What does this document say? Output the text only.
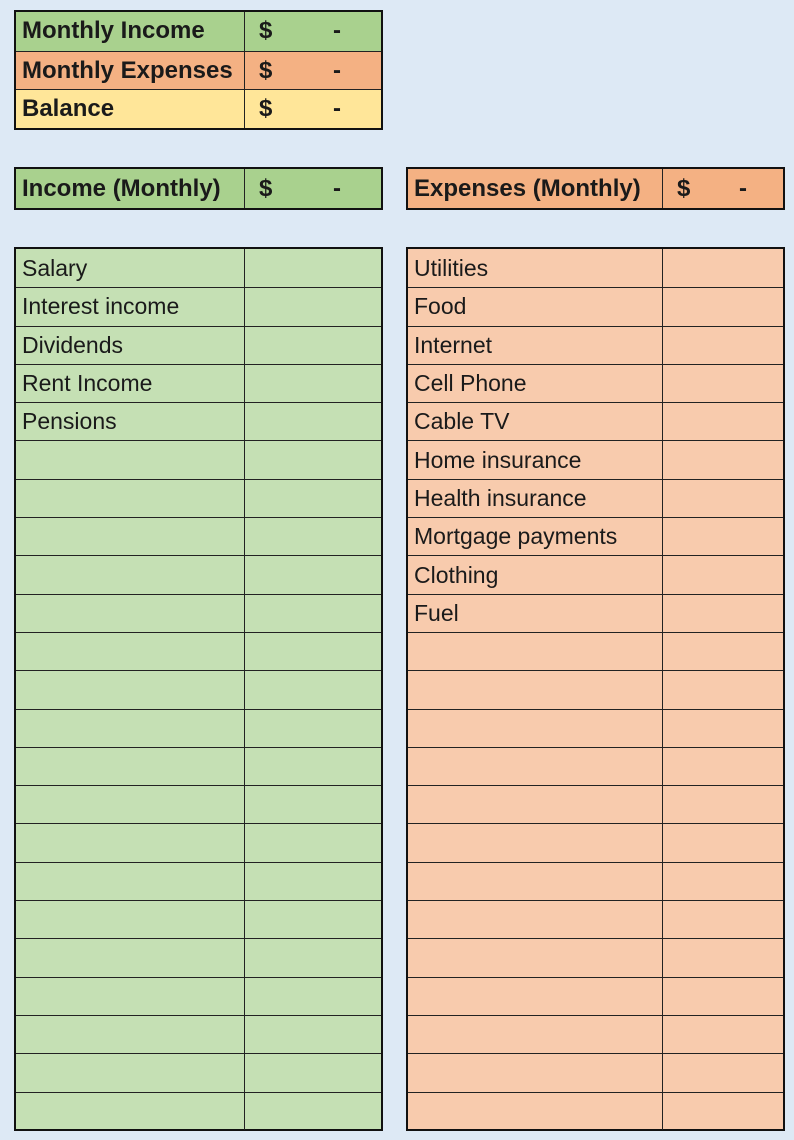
Monthly Income	$	-
Monthly Expenses	$	-
Balance	$	-
Income (Monthly)	$	-	Expenses (Monthly)	$ -
Salary
Interest income
Dividends
Rent Income
Pensions
Utilities
Food
Internet
Cell Phone
Cable TV
Home insurance
Health insurance
Mortgage payments
Clothing
Fuel
